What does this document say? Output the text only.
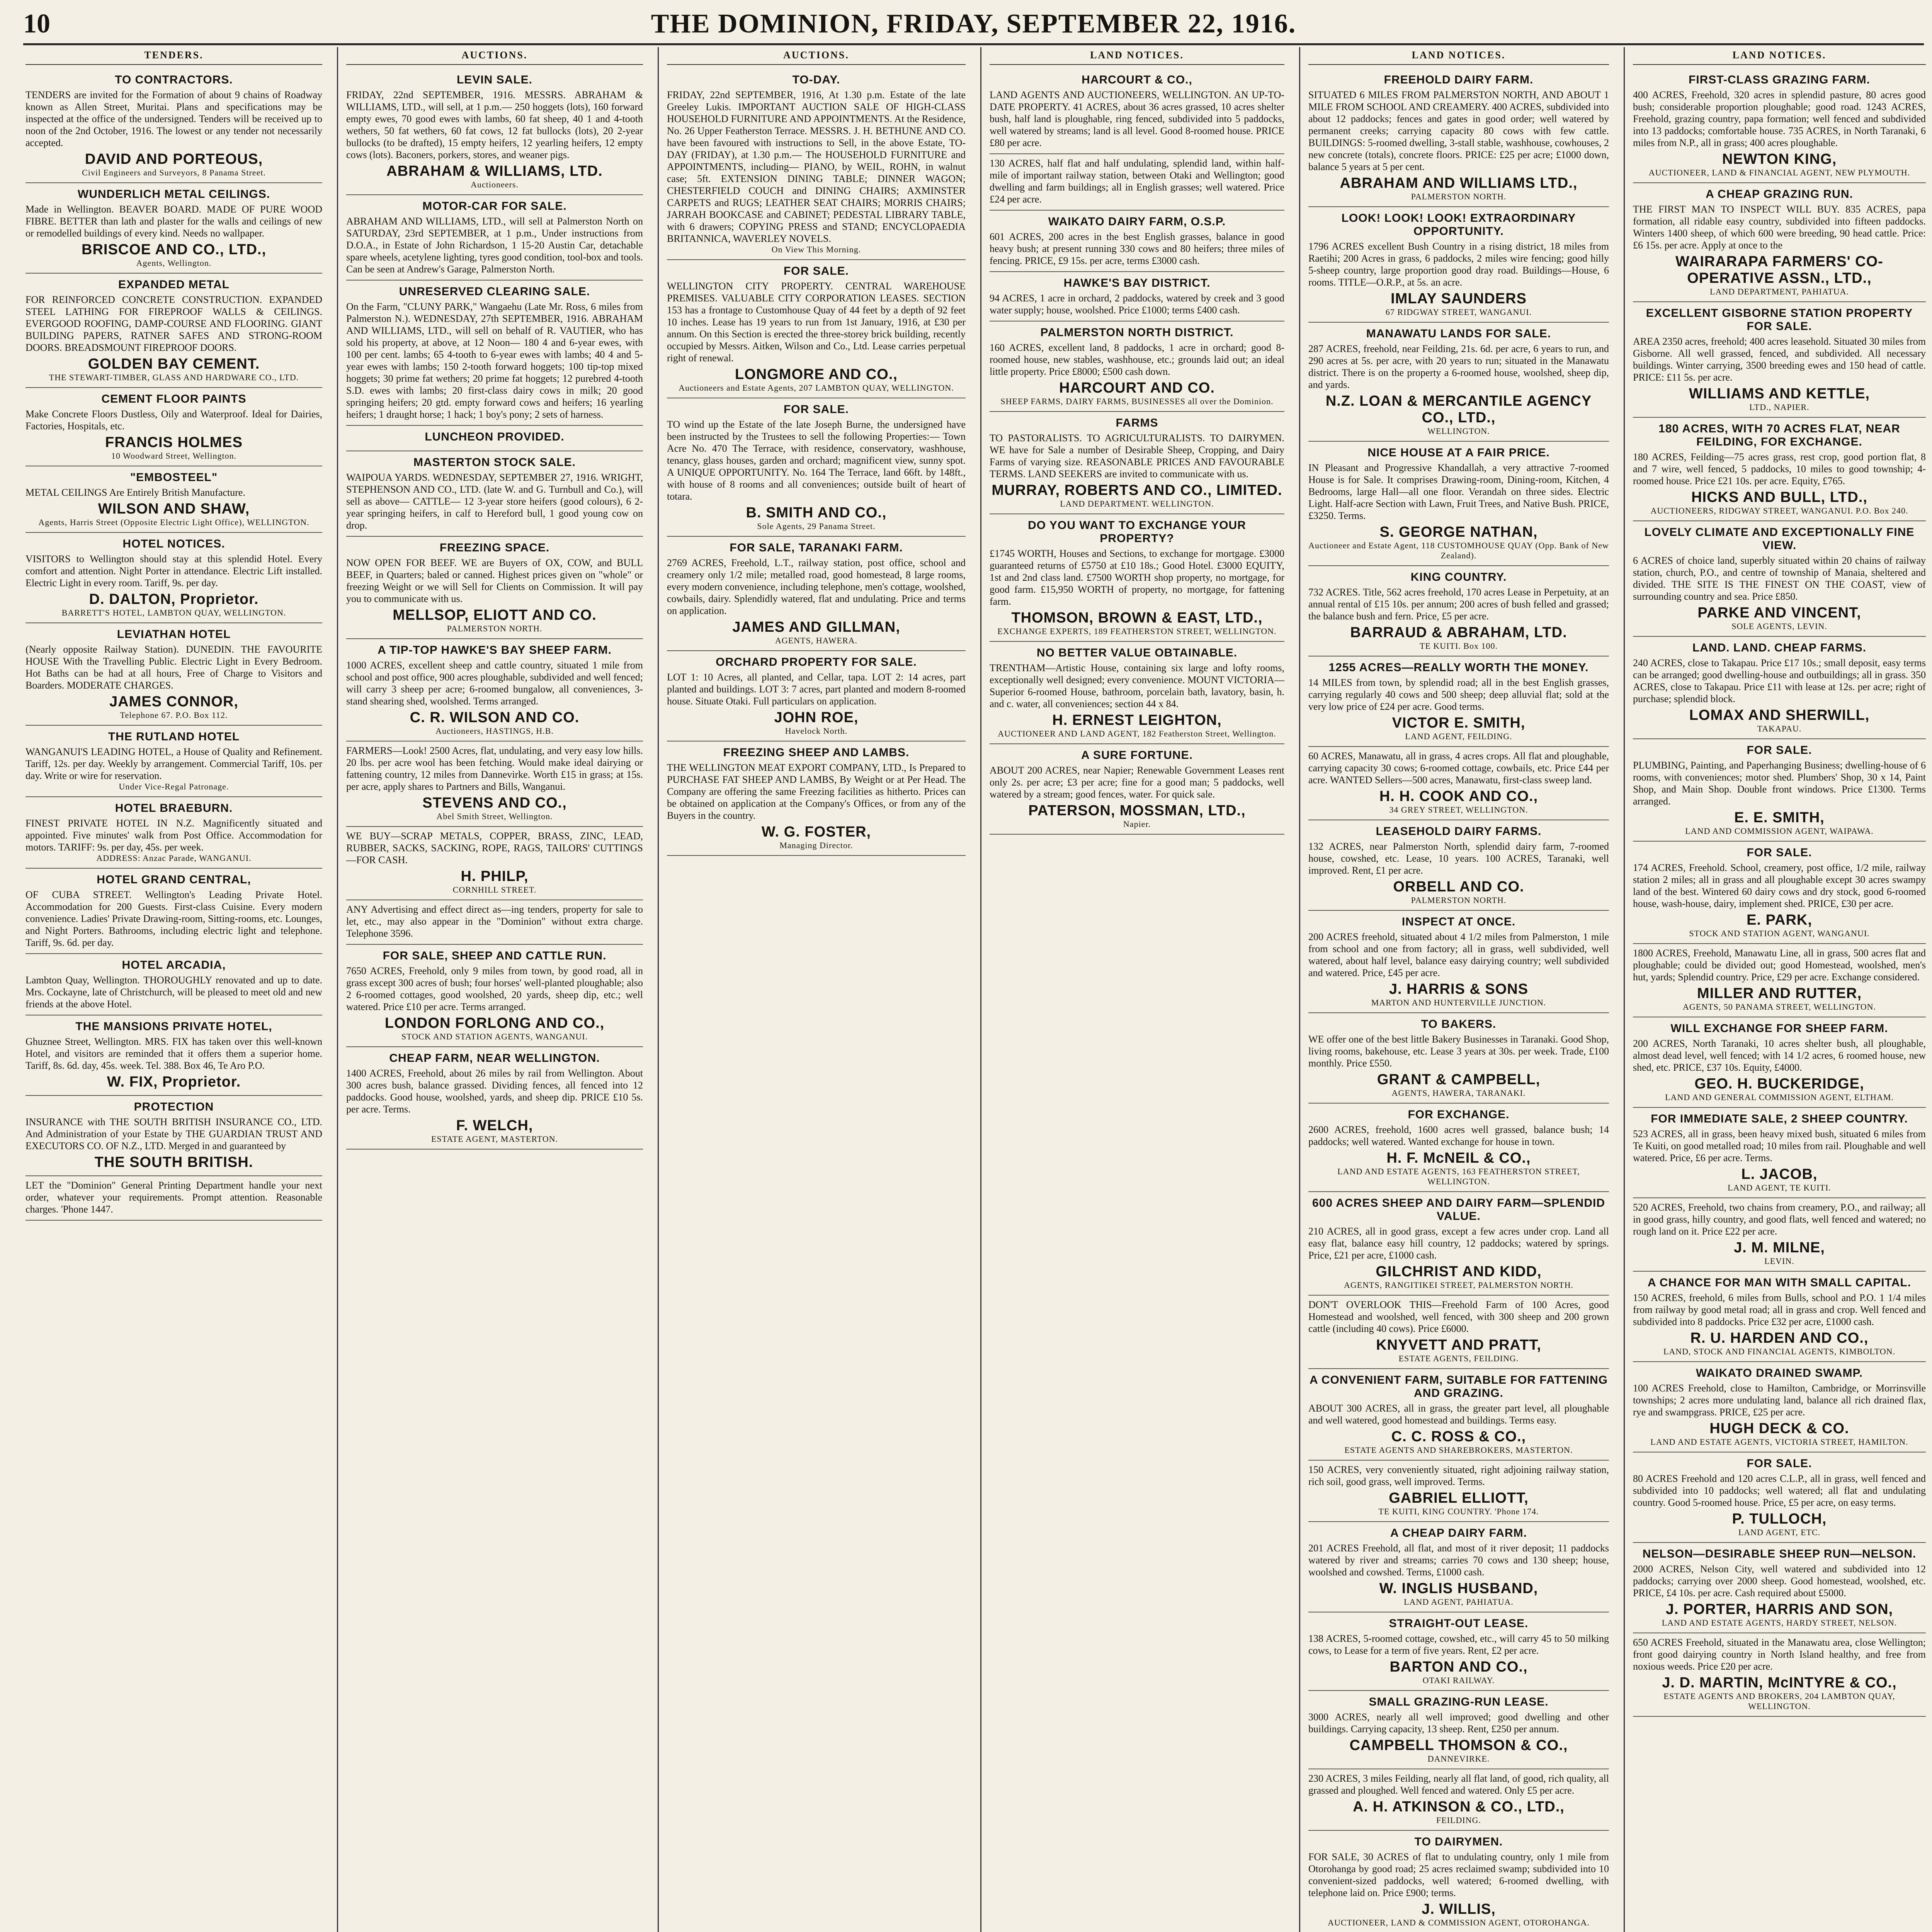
10	THE DOMINION, FRIDAY, SEPTEMBER 22, 1916.
TENDERS.
TO CONTRACTORS.

TENDERS are invited for the Formation of about 9 chains of Roadway known as Allen Street, Muritai. Plans and specifications may be inspected at the office of the undersigned. Tenders will be received up to noon of the 2nd October, 1916. The lowest or any tender not necessarily accepted.

DAVID AND PORTEOUS,
Civil Engineers and Surveyors, 8 Panama Street.
WUNDERLICH METAL CEILINGS.

Made in Wellington. BEAVER BOARD. MADE OF PURE WOOD FIBRE. BETTER than lath and plaster for the walls and ceilings of new or remodelled buildings of every kind. Needs no wallpaper.

BRISCOE AND CO., LTD.,
Agents, Wellington.
EXPANDED METAL

FOR REINFORCED CONCRETE CONSTRUCTION. EXPANDED STEEL LATHING FOR FIREPROOF WALLS & CEILINGS. EVERGOOD ROOFING, DAMP-COURSE AND FLOORING. GIANT BUILDING PAPERS, RATNER SAFES AND STRONG-ROOM DOORS. BREADSMOUNT FIREPROOF DOORS.

GOLDEN BAY CEMENT.
THE STEWART-TIMBER, GLASS AND HARDWARE CO., LTD.
CEMENT FLOOR PAINTS

Make Concrete Floors Dustless, Oily and Waterproof. Ideal for Dairies, Factories, Hospitals, etc.

FRANCIS HOLMES
10 Woodward Street, Wellington.
"EMBOSTEEL"

METAL CEILINGS Are Entirely British Manufacture.

WILSON AND SHAW,
Agents, Harris Street (Opposite Electric Light Office), WELLINGTON.
HOTEL NOTICES.

VISITORS to Wellington should stay at this splendid Hotel. Every comfort and attention. Night Porter in attendance. Electric Lift installed. Electric Light in every room. Tariff, 9s. per day.

D. DALTON, Proprietor.
BARRETT'S HOTEL, LAMBTON QUAY, WELLINGTON.
LEVIATHAN HOTEL

(Nearly opposite Railway Station). DUNEDIN. THE FAVOURITE HOUSE With the Travelling Public. Electric Light in Every Bedroom. Hot Baths can be had at all hours, Free of Charge to Visitors and Boarders. MODERATE CHARGES.

JAMES CONNOR,
Telephone 67. P.O. Box 112.
THE RUTLAND HOTEL

WANGANUI'S LEADING HOTEL, a House of Quality and Refinement. Tariff, 12s. per day. Weekly by arrangement. Commercial Tariff, 10s. per day. Write or wire for reservation.

Under Vice-Regal Patronage.
HOTEL BRAEBURN.

FINEST PRIVATE HOTEL IN N.Z. Magnificently situated and appointed. Five minutes' walk from Post Office. Accommodation for motors. TARIFF: 9s. per day, 45s. per week.

ADDRESS: Anzac Parade, WANGANUI.
HOTEL GRAND CENTRAL,

OF CUBA STREET. Wellington's Leading Private Hotel. Accommodation for 200 Guests. First-class Cuisine. Every modern convenience. Ladies' Private Drawing-room, Sitting-rooms, etc. Lounges, and Night Porters. Bathrooms, including electric light and telephone. Tariff, 9s. 6d. per day.

HOTEL ARCADIA,

Lambton Quay, Wellington. THOROUGHLY renovated and up to date. Mrs. Cockayne, late of Christchurch, will be pleased to meet old and new friends at the above Hotel.

THE MANSIONS PRIVATE HOTEL,

Ghuznee Street, Wellington. MRS. FIX has taken over this well-known Hotel, and visitors are reminded that it offers them a superior home. Tariff, 8s. 6d. day, 45s. week. Tel. 388. Box 46, Te Aro P.O.

W. FIX, Proprietor.
PROTECTION

INSURANCE with THE SOUTH BRITISH INSURANCE CO., LTD. And Administration of your Estate by THE GUARDIAN TRUST AND EXECUTORS CO. OF N.Z., LTD. Merged in and guaranteed by

THE SOUTH BRITISH.

LET the "Dominion" General Printing Department handle your next order, whatever your requirements. Prompt attention. Reasonable charges. 'Phone 1447.

AUCTIONS.
LEVIN SALE.

FRIDAY, 22nd SEPTEMBER, 1916. MESSRS. ABRAHAM & WILLIAMS, LTD., will sell, at 1 p.m.— 250 hoggets (lots), 160 forward empty ewes, 70 good ewes with lambs, 60 fat sheep, 40 1 and 4-tooth wethers, 50 fat wethers, 60 fat cows, 12 fat bullocks (lots), 20 2-year bullocks (to be drafted), 15 empty heifers, 12 yearling heifers, 12 empty cows (lots). Baconers, porkers, stores, and weaner pigs.

ABRAHAM & WILLIAMS, LTD.
Auctioneers.
MOTOR-CAR FOR SALE.

ABRAHAM AND WILLIAMS, LTD., will sell at Palmerston North on SATURDAY, 23rd SEPTEMBER, at 1 p.m., Under instructions from D.O.A., in Estate of John Richardson, 1 15-20 Austin Car, detachable spare wheels, acetylene lighting, tyres good condition, tool-box and tools. Can be seen at Andrew's Garage, Palmerston North.

UNRESERVED CLEARING SALE.

On the Farm, "CLUNY PARK," Wangaehu (Late Mr. Ross, 6 miles from Palmerston N.). WEDNESDAY, 27th SEPTEMBER, 1916. ABRAHAM AND WILLIAMS, LTD., will sell on behalf of R. VAUTIER, who has sold his property, at above, at 12 Noon— 180 4 and 6-year ewes, with 100 per cent. lambs; 65 4-tooth to 6-year ewes with lambs; 40 4 and 5-year ewes with lambs; 150 2-tooth forward hoggets; 100 tip-top mixed hoggets; 30 prime fat wethers; 20 prime fat hoggets; 12 purebred 4-tooth S.D. ewes with lambs; 20 first-class dairy cows in milk; 20 good springing heifers; 20 gtd. empty forward cows and heifers; 16 yearling heifers; 1 draught horse; 1 hack; 1 boy's pony; 2 sets of harness.

LUNCHEON PROVIDED.
MASTERTON STOCK SALE.

WAIPOUA YARDS. WEDNESDAY, SEPTEMBER 27, 1916. WRIGHT, STEPHENSON AND CO., LTD. (late W. and G. Turnbull and Co.), will sell as above— CATTLE— 12 3-year store heifers (good colours), 6 2-year springing heifers, in calf to Hereford bull, 1 good young cow on drop.

FREEZING SPACE.

NOW OPEN FOR BEEF. WE are Buyers of OX, COW, and BULL BEEF, in Quarters; baled or canned. Highest prices given on "whole" or freezing Weight or we will Sell for Clients on Commission. It will pay you to communicate with us.

MELLSOP, ELIOTT AND CO.
PALMERSTON NORTH.
A TIP-TOP HAWKE'S BAY SHEEP FARM.

1000 ACRES, excellent sheep and cattle country, situated 1 mile from school and post office, 900 acres ploughable, subdivided and well fenced; will carry 3 sheep per acre; 6-roomed bungalow, all conveniences, 3-stand shearing shed, woolshed. Terms arranged.

C. R. WILSON AND CO.
Auctioneers, HASTINGS, H.B.

FARMERS—Look! 2500 Acres, flat, undulating, and very easy low hills. 20 lbs. per acre wool has been fetching. Would make ideal dairying or fattening country, 12 miles from Dannevirke. Worth £15 in grass; at 15s. per acre, apply shares to Partners and Bills, Wanganui.

STEVENS AND CO.,
Abel Smith Street, Wellington.

WE BUY—SCRAP METALS, COPPER, BRASS, ZINC, LEAD, RUBBER, SACKS, SACKING, ROPE, RAGS, TAILORS' CUTTINGS—FOR CASH.

H. PHILP,
CORNHILL STREET.

ANY Advertising and effect direct as—ing tenders, property for sale to let, etc., may also appear in the "Dominion" without extra charge. Telephone 3596.

FOR SALE, SHEEP AND CATTLE RUN.

7650 ACRES, Freehold, only 9 miles from town, by good road, all in grass except 300 acres of bush; four horses' well-planted ploughable; also 2 6-roomed cottages, good woolshed, 20 yards, sheep dip, etc.; well watered. Price £10 per acre. Terms arranged.

LONDON FORLONG AND CO.,
STOCK AND STATION AGENTS, WANGANUI.
CHEAP FARM, NEAR WELLINGTON.

1400 ACRES, Freehold, about 26 miles by rail from Wellington. About 300 acres bush, balance grassed. Dividing fences, all fenced into 12 paddocks. Good house, woolshed, yards, and sheep dip. PRICE £10 5s. per acre. Terms.

F. WELCH,
ESTATE AGENT, MASTERTON.
AUCTIONS.
TO-DAY.

FRIDAY, 22nd SEPTEMBER, 1916, At 1.30 p.m. Estate of the late Greeley Lukis. IMPORTANT AUCTION SALE OF HIGH-CLASS HOUSEHOLD FURNITURE AND APPOINTMENTS. At the Residence, No. 26 Upper Featherston Terrace. MESSRS. J. H. BETHUNE AND CO. have been favoured with instructions to Sell, in the above Estate, TO-DAY (FRIDAY), at 1.30 p.m.— The HOUSEHOLD FURNITURE and APPOINTMENTS, including— PIANO, by WEIL, ROHN, in walnut case; 5ft. EXTENSION DINING TABLE; DINNER WAGON; CHESTERFIELD COUCH and DINING CHAIRS; AXMINSTER CARPETS and RUGS; LEATHER SEAT CHAIRS; MORRIS CHAIRS; JARRAH BOOKCASE and CABINET; PEDESTAL LIBRARY TABLE, with 6 drawers; COPYING PRESS and STAND; ENCYCLOPAEDIA BRITANNICA, WAVERLEY NOVELS.

On View This Morning.
FOR SALE.

WELLINGTON CITY PROPERTY. CENTRAL WAREHOUSE PREMISES. VALUABLE CITY CORPORATION LEASES. SECTION 153 has a frontage to Customhouse Quay of 44 feet by a depth of 92 feet 10 inches. Lease has 19 years to run from 1st January, 1916, at £30 per annum. On this Section is erected the three-storey brick building, recently occupied by Messrs. Aitken, Wilson and Co., Ltd. Lease carries perpetual right of renewal.

LONGMORE AND CO.,
Auctioneers and Estate Agents, 207 LAMBTON QUAY, WELLINGTON.
FOR SALE.

TO wind up the Estate of the late Joseph Burne, the undersigned have been instructed by the Trustees to sell the following Properties:— Town Acre No. 470 The Terrace, with residence, conservatory, washhouse, tenancy, glass houses, garden and orchard; magnificent view, sunny spot. A UNIQUE OPPORTUNITY. No. 164 The Terrace, land 66ft. by 148ft., with house of 8 rooms and all conveniences; outside built of heart of totara.

B. SMITH AND CO.,
Sole Agents, 29 Panama Street.
FOR SALE, TARANAKI FARM.

2769 ACRES, Freehold, L.T., railway station, post office, school and creamery only 1/2 mile; metalled road, good homestead, 8 large rooms, every modern convenience, including telephone, men's cottage, woolshed, cowbails, dairy. Splendidly watered, flat and undulating. Price and terms on application.

JAMES AND GILLMAN,
AGENTS, HAWERA.
ORCHARD PROPERTY FOR SALE.

LOT 1: 10 Acres, all planted, and Cellar, tapa. LOT 2: 14 acres, part planted and buildings. LOT 3: 7 acres, part planted and modern 8-roomed house. Situate Otaki. Full particulars on application.

JOHN ROE,
Havelock North.
FREEZING SHEEP AND LAMBS.

THE WELLINGTON MEAT EXPORT COMPANY, LTD., Is Prepared to PURCHASE FAT SHEEP AND LAMBS, By Weight or at Per Head. The Company are offering the same Freezing facilities as hitherto. Prices can be obtained on application at the Company's Offices, or from any of the Buyers in the country.

W. G. FOSTER,
Managing Director.
LAND NOTICES.
HARCOURT & CO.,

LAND AGENTS AND AUCTIONEERS, WELLINGTON. AN UP-TO-DATE PROPERTY. 41 ACRES, about 36 acres grassed, 10 acres shelter bush, half land is ploughable, ring fenced, subdivided into 5 paddocks, well watered by streams; land is all level. Good 8-roomed house. PRICE £80 per acre.

130 ACRES, half flat and half undulating, splendid land, within half-mile of important railway station, between Otaki and Wellington; good dwelling and farm buildings; all in English grasses; well watered. Price £24 per acre.

WAIKATO DAIRY FARM, O.S.P.

601 ACRES, 200 acres in the best English grasses, balance in good heavy bush; at present running 330 cows and 80 heifers; three miles of fencing. PRICE, £9 15s. per acre, terms £3000 cash.

HAWKE'S BAY DISTRICT.

94 ACRES, 1 acre in orchard, 2 paddocks, watered by creek and 3 good water supply; house, woolshed. Price £1000; terms £400 cash.

PALMERSTON NORTH DISTRICT.

160 ACRES, excellent land, 8 paddocks, 1 acre in orchard; good 8-roomed house, new stables, washhouse, etc.; grounds laid out; an ideal little property. Price £8000; £500 cash down.

HARCOURT AND CO.
SHEEP FARMS, DAIRY FARMS, BUSINESSES all over the Dominion.
FARMS

TO PASTORALISTS. TO AGRICULTURALISTS. TO DAIRYMEN. WE have for Sale a number of Desirable Sheep, Cropping, and Dairy Farms of varying size. REASONABLE PRICES AND FAVOURABLE TERMS. LAND SEEKERS are invited to communicate with us.

MURRAY, ROBERTS AND CO., LIMITED.
LAND DEPARTMENT. WELLINGTON.
DO YOU WANT TO EXCHANGE YOUR PROPERTY?

£1745 WORTH, Houses and Sections, to exchange for mortgage. £3000 guaranteed returns of £5750 at £10 18s.; Good Hotel. £3000 EQUITY, 1st and 2nd class land. £7500 WORTH shop property, no mortgage, for good farm. £15,950 WORTH of property, no mortgage, for fattening farm.

THOMSON, BROWN & EAST, LTD.,
EXCHANGE EXPERTS, 189 FEATHERSTON STREET, WELLINGTON.
NO BETTER VALUE OBTAINABLE.

TRENTHAM—Artistic House, containing six large and lofty rooms, exceptionally well designed; every convenience. MOUNT VICTORIA—Superior 6-roomed House, bathroom, porcelain bath, lavatory, basin, h. and c. water, all conveniences; section 44 x 84.

H. ERNEST LEIGHTON,
AUCTIONEER AND LAND AGENT, 182 Featherston Street, Wellington.
A SURE FORTUNE.

ABOUT 200 ACRES, near Napier; Renewable Government Leases rent only 2s. per acre; £3 per acre; fine for a good man; 5 paddocks, well watered by a stream; good fences, water. For quick sale.

PATERSON, MOSSMAN, LTD.,
Napier.
LAND NOTICES.
FREEHOLD DAIRY FARM.

SITUATED 6 MILES FROM PALMERSTON NORTH, AND ABOUT 1 MILE FROM SCHOOL AND CREAMERY. 400 ACRES, subdivided into about 12 paddocks; fences and gates in good order; well watered by permanent creeks; carrying capacity 80 cows with few cattle. BUILDINGS: 5-roomed dwelling, 3-stall stable, washhouse, cowhouses, 2 new concrete (totals), concrete floors. PRICE: £25 per acre; £1000 down, balance 5 years at 5 per cent.

ABRAHAM AND WILLIAMS LTD.,
PALMERSTON NORTH.
LOOK! LOOK! LOOK! EXTRAORDINARY OPPORTUNITY.

1796 ACRES excellent Bush Country in a rising district, 18 miles from Raetihi; 200 Acres in grass, 6 paddocks, 2 miles wire fencing; good hilly 5-sheep country, large proportion good dray road. Buildings—House, 6 rooms. TITLE—O.R.P., at 5s. an acre.

IMLAY SAUNDERS
67 RIDGWAY STREET, WANGANUI.
MANAWATU LANDS FOR SALE.

287 ACRES, freehold, near Feilding, 21s. 6d. per acre, 6 years to run, and 290 acres at 5s. per acre, with 20 years to run; situated in the Manawatu district. There is on the property a 6-roomed house, woolshed, sheep dip, and yards.

N.Z. LOAN & MERCANTILE AGENCY CO., LTD.,
WELLINGTON.
NICE HOUSE AT A FAIR PRICE.

IN Pleasant and Progressive Khandallah, a very attractive 7-roomed House is for Sale. It comprises Drawing-room, Dining-room, Kitchen, 4 Bedrooms, large Hall—all one floor. Verandah on three sides. Electric Light. Half-acre Section with Lawn, Fruit Trees, and Native Bush. PRICE, £3250. Terms.

S. GEORGE NATHAN,
Auctioneer and Estate Agent, 118 CUSTOMHOUSE QUAY (Opp. Bank of New Zealand).
KING COUNTRY.

732 ACRES. Title, 562 acres freehold, 170 acres Lease in Perpetuity, at an annual rental of £15 10s. per annum; 200 acres of bush felled and grassed; the balance bush and fern. Price, £5 per acre.

BARRAUD & ABRAHAM, LTD.
TE KUITI. Box 100.
1255 ACRES—REALLY WORTH THE MONEY.

14 MILES from town, by splendid road; all in the best English grasses, carrying regularly 40 cows and 500 sheep; deep alluvial flat; sold at the very low price of £24 per acre. Good terms.

VICTOR E. SMITH,
LAND AGENT, FEILDING.

60 ACRES, Manawatu, all in grass, 4 acres crops. All flat and ploughable, carrying capacity 30 cows; 6-roomed cottage, cowbails, etc. Price £44 per acre. WANTED Sellers—500 acres, Manawatu, first-class sweep land.

H. H. COOK AND CO.,
34 GREY STREET, WELLINGTON.
LEASEHOLD DAIRY FARMS.

132 ACRES, near Palmerston North, splendid dairy farm, 7-roomed house, cowshed, etc. Lease, 10 years. 100 ACRES, Taranaki, well improved. Rent, £1 per acre.

ORBELL AND CO.
PALMERSTON NORTH.
INSPECT AT ONCE.

200 ACRES freehold, situated about 4 1/2 miles from Palmerston, 1 mile from school and one from factory; all in grass, well subdivided, well watered, about half level, balance easy dairying country; well subdivided and watered. Price, £45 per acre.

J. HARRIS & SONS
MARTON AND HUNTERVILLE JUNCTION.
TO BAKERS.

WE offer one of the best little Bakery Businesses in Taranaki. Good Shop, living rooms, bakehouse, etc. Lease 3 years at 30s. per week. Trade, £100 monthly. Price £550.

GRANT & CAMPBELL,
AGENTS, HAWERA, TARANAKI.
FOR EXCHANGE.

2600 ACRES, freehold, 1600 acres well grassed, balance bush; 14 paddocks; well watered. Wanted exchange for house in town.

H. F. McNEIL & CO.,
LAND AND ESTATE AGENTS, 163 FEATHERSTON STREET, WELLINGTON.
600 ACRES SHEEP AND DAIRY FARM—SPLENDID VALUE.

210 ACRES, all in good grass, except a few acres under crop. Land all easy flat, balance easy hill country, 12 paddocks; watered by springs. Price, £21 per acre, £1000 cash.

GILCHRIST AND KIDD,
AGENTS, RANGITIKEI STREET, PALMERSTON NORTH.

DON'T OVERLOOK THIS—Freehold Farm of 100 Acres, good Homestead and woolshed, well fenced, with 300 sheep and 200 grown cattle (including 40 cows). Price £6000.

KNYVETT AND PRATT,
ESTATE AGENTS, FEILDING.
A CONVENIENT FARM, SUITABLE FOR FATTENING AND GRAZING.

ABOUT 300 ACRES, all in grass, the greater part level, all ploughable and well watered, good homestead and buildings. Terms easy.

C. C. ROSS & CO.,
ESTATE AGENTS AND SHAREBROKERS, MASTERTON.

150 ACRES, very conveniently situated, right adjoining railway station, rich soil, good grass, well improved. Terms.

GABRIEL ELLIOTT,
TE KUITI, KING COUNTRY. 'Phone 174.
A CHEAP DAIRY FARM.

201 ACRES Freehold, all flat, and most of it river deposit; 11 paddocks watered by river and streams; carries 70 cows and 130 sheep; house, woolshed and cowshed. Terms, £1000 cash.

W. INGLIS HUSBAND,
LAND AGENT, PAHIATUA.
STRAIGHT-OUT LEASE.

138 ACRES, 5-roomed cottage, cowshed, etc., will carry 45 to 50 milking cows, to Lease for a term of five years. Rent, £2 per acre.

BARTON AND CO.,
OTAKI RAILWAY.
SMALL GRAZING-RUN LEASE.

3000 ACRES, nearly all well improved; good dwelling and other buildings. Carrying capacity, 13 sheep. Rent, £250 per annum.

CAMPBELL THOMSON & CO.,
DANNEVIRKE.

230 ACRES, 3 miles Feilding, nearly all flat land, of good, rich quality, all grassed and ploughed. Well fenced and watered. Only £5 per acre.

A. H. ATKINSON & CO., LTD.,
FEILDING.
TO DAIRYMEN.

FOR SALE, 30 ACRES of flat to undulating country, only 1 mile from Otorohanga by good road; 25 acres reclaimed swamp; subdivided into 10 convenient-sized paddocks, well watered; 6-roomed dwelling, with telephone laid on. Price £900; terms.

J. WILLIS,
AUCTIONEER, LAND & COMMISSION AGENT, OTOROHANGA.
LAND NOTICES.
FIRST-CLASS GRAZING FARM.

400 ACRES, Freehold, 320 acres in splendid pasture, 80 acres good bush; considerable proportion ploughable; good road. 1243 ACRES, Freehold, grazing country, papa formation; well fenced and subdivided into 13 paddocks; comfortable house. 735 ACRES, in North Taranaki, 6 miles from N.P., all in grass; 400 acres ploughable.

NEWTON KING,
AUCTIONEER, LAND & FINANCIAL AGENT, NEW PLYMOUTH.
A CHEAP GRAZING RUN.

THE FIRST MAN TO INSPECT WILL BUY. 835 ACRES, papa formation, all ridable easy country, subdivided into fifteen paddocks. Winters 1400 sheep, of which 600 were breeding, 90 head cattle. Price: £6 15s. per acre. Apply at once to the

WAIRARAPA FARMERS' CO-OPERATIVE ASSN., LTD.,
LAND DEPARTMENT, PAHIATUA.
EXCELLENT GISBORNE STATION PROPERTY FOR SALE.

AREA 2350 acres, freehold; 400 acres leasehold. Situated 30 miles from Gisborne. All well grassed, fenced, and subdivided. All necessary buildings. Winter carrying, 3500 breeding ewes and 150 head of cattle. PRICE: £11 5s. per acre.

WILLIAMS AND KETTLE,
LTD., NAPIER.
180 ACRES, WITH 70 ACRES FLAT, NEAR FEILDING, FOR EXCHANGE.

180 ACRES, Feilding—75 acres grass, rest crop, good portion flat, 8 and 7 wire, well fenced, 5 paddocks, 10 miles to good township; 4-roomed house. Price £21 10s. per acre. Equity, £765.

HICKS AND BULL, LTD.,
AUCTIONEERS, RIDGWAY STREET, WANGANUI. P.O. Box 240.
LOVELY CLIMATE AND EXCEPTIONALLY FINE VIEW.

6 ACRES of choice land, superbly situated within 20 chains of railway station, church, P.O., and centre of township of Manaia, sheltered and divided. THE SITE IS THE FINEST ON THE COAST, view of surrounding country and sea. Price £850.

PARKE AND VINCENT,
SOLE AGENTS, LEVIN.
LAND. LAND. CHEAP FARMS.

240 ACRES, close to Takapau. Price £17 10s.; small deposit, easy terms can be arranged; good dwelling-house and outbuildings; all in grass. 350 ACRES, close to Takapau. Price £11 with lease at 12s. per acre; right of purchase; splendid block.

LOMAX AND SHERWILL,
TAKAPAU.
FOR SALE.

PLUMBING, Painting, and Paperhanging Business; dwelling-house of 6 rooms, with conveniences; motor shed. Plumbers' Shop, 30 x 14, Paint Shop, and Main Shop. Double front windows. Price £1300. Terms arranged.

E. E. SMITH,
LAND AND COMMISSION AGENT, WAIPAWA.
FOR SALE.

174 ACRES, Freehold. School, creamery, post office, 1/2 mile, railway station 2 miles; all in grass and all ploughable except 30 acres swampy land of the best. Wintered 60 dairy cows and dry stock, good 6-roomed house, wash-house, dairy, implement shed. PRICE, £30 per acre.

E. PARK,
STOCK AND STATION AGENT, WANGANUI.

1800 ACRES, Freehold, Manawatu Line, all in grass, 500 acres flat and ploughable; could be divided out; good Homestead, woolshed, men's hut, yards; Splendid country. Price, £29 per acre. Exchange considered.

MILLER AND RUTTER,
AGENTS, 50 PANAMA STREET, WELLINGTON.
WILL EXCHANGE FOR SHEEP FARM.

200 ACRES, North Taranaki, 10 acres shelter bush, all ploughable, almost dead level, well fenced; with 14 1/2 acres, 6 roomed house, new shed, etc. PRICE, £37 10s. Equity, £4000.

GEO. H. BUCKERIDGE,
LAND AND GENERAL COMMISSION AGENT, ELTHAM.
FOR IMMEDIATE SALE, 2 SHEEP COUNTRY.

523 ACRES, all in grass, been heavy mixed bush, situated 6 miles from Te Kuiti, on good metalled road; 10 miles from rail. Ploughable and well watered. Price, £6 per acre. Terms.

L. JACOB,
LAND AGENT, TE KUITI.

520 ACRES, Freehold, two chains from creamery, P.O., and railway; all in good grass, hilly country, and good flats, well fenced and watered; no rough land on it. Price £22 per acre.

J. M. MILNE,
LEVIN.
A CHANCE FOR MAN WITH SMALL CAPITAL.

150 ACRES, freehold, 6 miles from Bulls, school and P.O. 1 1/4 miles from railway by good metal road; all in grass and crop. Well fenced and subdivided into 8 paddocks. Price £32 per acre, £1000 cash.

R. U. HARDEN AND CO.,
LAND, STOCK AND FINANCIAL AGENTS, KIMBOLTON.
WAIKATO DRAINED SWAMP.

100 ACRES Freehold, close to Hamilton, Cambridge, or Morrinsville townships; 2 acres more undulating land, balance all rich drained flax, rye and swampgrass. PRICE, £25 per acre.

HUGH DECK & CO.
LAND AND ESTATE AGENTS, VICTORIA STREET, HAMILTON.
FOR SALE.

80 ACRES Freehold and 120 acres C.L.P., all in grass, well fenced and subdivided into 10 paddocks; well watered; all flat and undulating country. Good 5-roomed house. Price, £5 per acre, on easy terms.

P. TULLOCH,
LAND AGENT, ETC.
NELSON—DESIRABLE SHEEP RUN—NELSON.

2000 ACRES, Nelson City, well watered and subdivided into 12 paddocks; carrying over 2000 sheep. Good homestead, woolshed, etc. PRICE, £4 10s. per acre. Cash required about £5000.

J. PORTER, HARRIS AND SON,
LAND AND ESTATE AGENTS, HARDY STREET, NELSON.

650 ACRES Freehold, situated in the Manawatu area, close Wellington; front good dairying country in North Island healthy, and free from noxious weeds. Price £20 per acre.

J. D. MARTIN, McINTYRE & CO.,
ESTATE AGENTS AND BROKERS, 204 LAMBTON QUAY, WELLINGTON.
